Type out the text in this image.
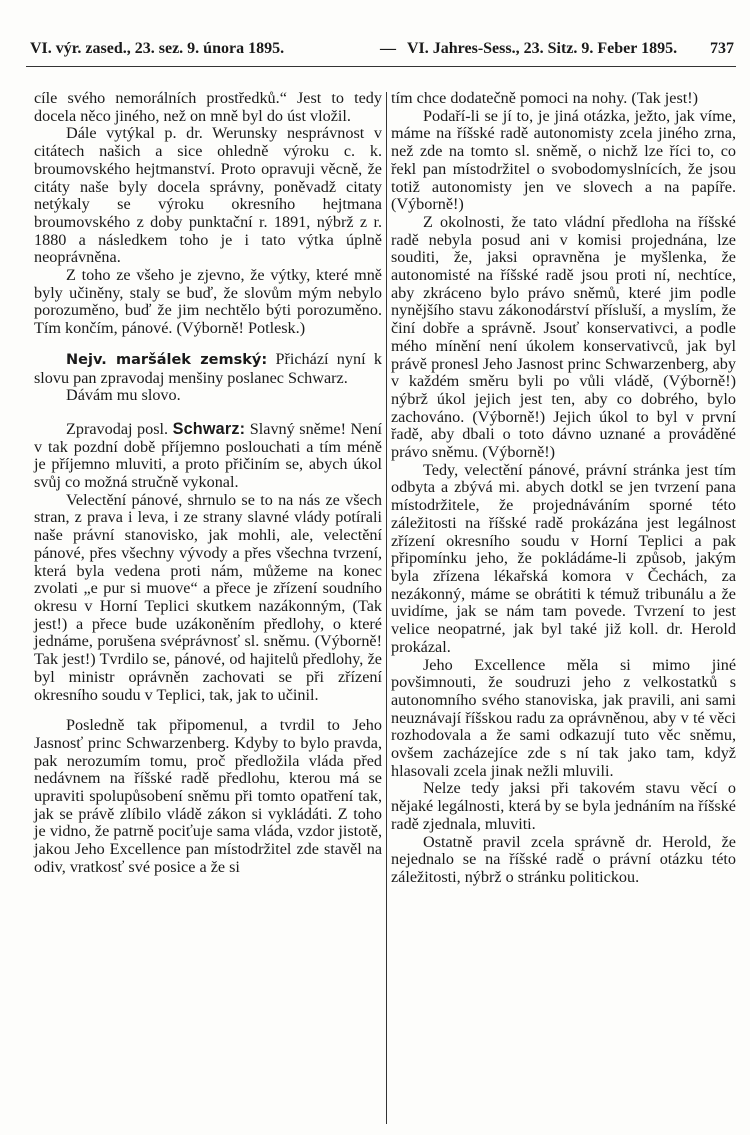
VI. výr. zased., 23. sez. 9. února 1895.	— VI. Jahres-Sess., 23. Sitz. 9. Feber 1895. 737

cíle svého nemorálních prostředků.“ Jest to tedy docela něco jiného, než on mně byl do úst vložil.

Dále vytýkal p. dr. Werunsky nesprávnost v citátech našich a sice ohledně výroku c. k. broumovského hejtmanství. Proto opravuji věcně, že citáty naše byly docela správny, poněvadž citaty netýkaly se výroku okresního hejtmana broumovského z doby punktační r. 1891, nýbrž z r. 1880 a následkem toho je i tato výtka úplně neoprávněna.

Z toho ze všeho je zjevno, že výtky, které mně byly učiněny, staly se buď, že slovům mým nebylo porozuměno, buď že jim nechtělo býti porozuměno. Tím končím, pánové. (Výborně! Potlesk.)

Nejv. maršálek zemský: Přichází nyní k slovu pan zpravodaj menšiny poslanec Schwarz.

Dávám mu slovo.

Zpravodaj posl. Schwarz: Slavný sněme! Není v tak pozdní době příjemno poslouchati a tím méně je příjemno mluviti, a proto přičiním se, abych úkol svůj co možná stručně vykonal.

Velectění pánové, shrnulo se to na nás ze všech stran, z prava i leva, i ze strany slavné vlády potírali naše právní stanovisko, jak mohli, ale, velectění pánové, přes všechny vývody a přes všechna tvrzení, která byla vedena proti nám, můžeme na konec zvolati „e pur si muove“ a přece je zřízení soudního okresu v Horní Teplici skutkem nazákonným, (Tak jest!) a přece bude uzákoněním předlohy, o které jednáme, porušena svéprávnosť sl. sněmu. (Výborně! Tak jest!) Tvrdilo se, pánové, od hajitelů předlohy, že byl ministr oprávněn zachovati se při zřízení okresního soudu v Teplici, tak, jak to učinil.

Posledně tak připomenul, a tvrdil to Jeho Jasnosť princ Schwarzenberg. Kdyby to bylo pravda, pak nerozumím tomu, proč předložila vláda před nedávnem na říšské radě předlohu, kterou má se upraviti spolupůsobení sněmu při tomto opatření tak, jak se právě zlíbilo vládě zákon si vykládáti. Z toho je vidno, že patrně pociťuje sama vláda, vzdor jistotě, jakou Jeho Excellence pan místodržitel zde stavěl na odiv, vratkosť své posice a že si

tím chce dodatečně pomoci na nohy. (Tak jest!)

Podaří-li se jí to, je jiná otázka, ježto, jak víme, máme na říšské radě autonomisty zcela jiného zrna, než zde na tomto sl. sněmě, o nichž lze říci to, co řekl pan místodržitel o svobodomyslnících, že jsou totiž autonomisty jen ve slovech a na papíře. (Výborně!)

Z okolnosti, že tato vládní předloha na říšské radě nebyla posud ani v komisi projednána, lze souditi, že, jaksi opravněna je myšlenka, že autonomisté na říšské radě jsou proti ní, nechtíce, aby zkráceno bylo právo sněmů, které jim podle nynějšího stavu zákonodárství přísluší, a myslím, že činí dobře a správně. Jsouť konservativci, a podle mého mínění není úkolem konservativců, jak byl právě pronesl Jeho Jasnost princ Schwarzenberg, aby v každém směru byli po vůli vládě, (Výborně!) nýbrž úkol jejich jest ten, aby co dobrého, bylo zachováno. (Výborně!) Jejich úkol to byl v první řadě, aby dbali o toto dávno uznané a prováděné právo sněmu. (Výborně!)

Tedy, velectění pánové, právní stránka jest tím odbyta a zbývá mi. abych dotkl se jen tvrzení pana místodržitele, že projednáváním sporné této záležitosti na říšské radě prokázána jest legálnost zřízení okresního soudu v Horní Teplici a pak připomínku jeho, že pokládáme-li způsob, jakým byla zřízena lékařská komora v Čechách, za nezákonný, máme se obrátiti k témuž tribunálu a že uvidíme, jak se nám tam povede. Tvrzení to jest velice neopatrné, jak byl také již koll. dr. Herold prokázal.

Jeho Excellence měla si mimo jiné povšimnouti, že soudruzi jeho z velkostatků s autonomního svého stanoviska, jak pravili, ani sami neuznávají říšskou radu za oprávněnou, aby v té věci rozhodovala a že sami odkazují tuto věc sněmu, ovšem zacházejíce zde s ní tak jako tam, když hlasovali zcela jinak nežli mluvili.

Nelze tedy jaksi při takovém stavu věcí o nějaké legálnosti, která by se byla jednáním na říšské radě zjednala, mluviti.

Ostatně pravil zcela správně dr. Herold, že nejednalo se na říšské radě o právní otázku této záležitosti, nýbrž o stránku politickou.
